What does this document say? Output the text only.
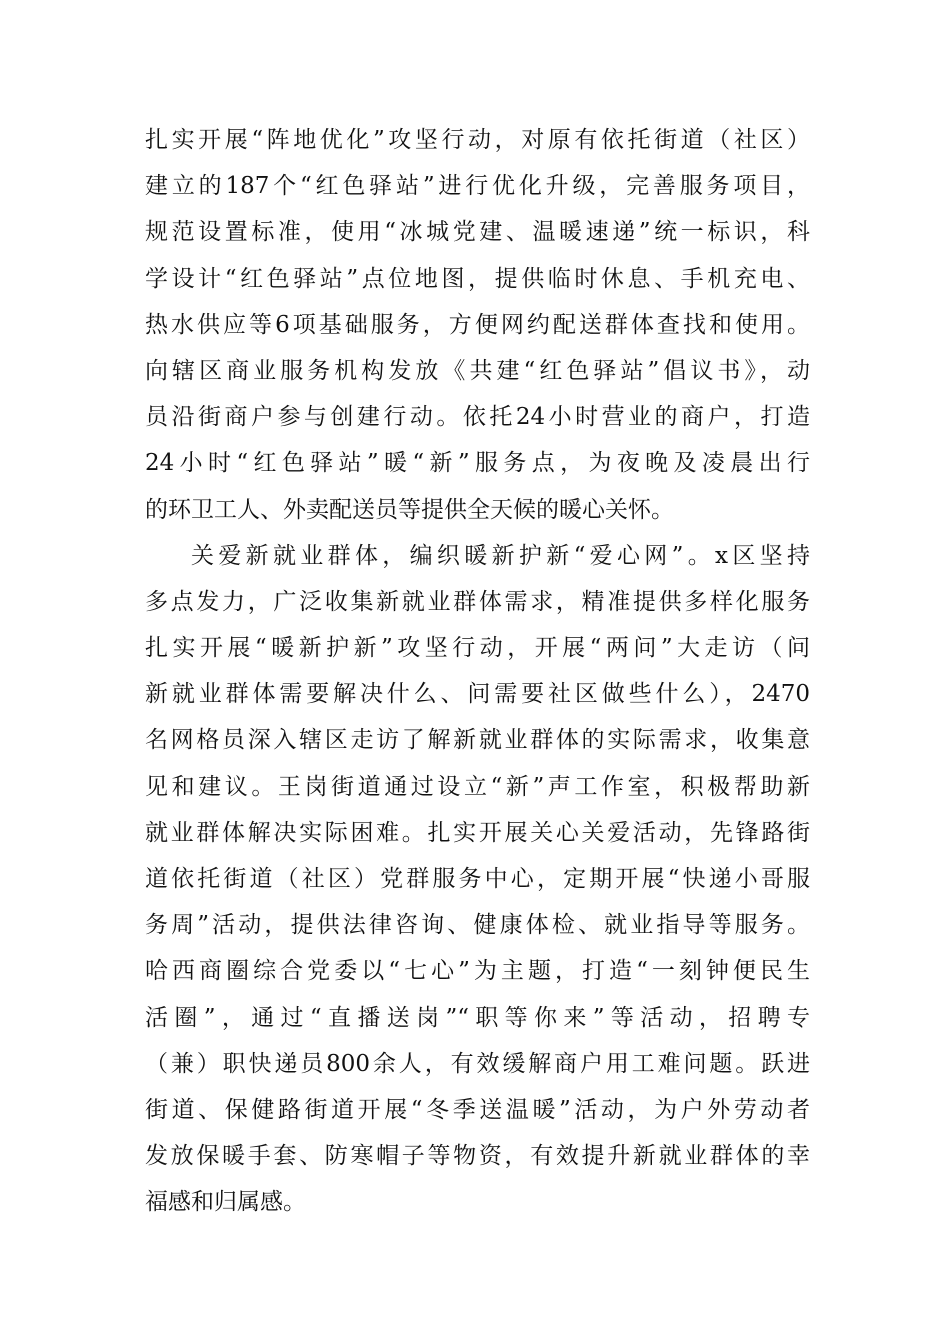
扎实开展“阵地优化”攻坚行动，对原有依托街道（社区）
建立的187个“红色驿站”进行优化升级，完善服务项目，
规范设置标准，使用“冰城党建、温暖速递”统一标识，科
学设计“红色驿站”点位地图，提供临时休息、手机充电、
热水供应等6项基础服务，方便网约配送群体查找和使用。
向辖区商业服务机构发放《共建“红色驿站”倡议书》，动
员沿街商户参与创建行动。依托24小时营业的商户，打造
24小时“红色驿站”暖“新”服务点，为夜晚及凌晨出行
的环卫工人、外卖配送员等提供全天候的暖心关怀。
关爱新就业群体，编织暖新护新“爱心网”。x区坚持
多点发力，广泛收集新就业群体需求，精准提供多样化服务
扎实开展“暖新护新”攻坚行动，开展“两问”大走访（问
新就业群体需要解决什么、问需要社区做些什么），2470
名网格员深入辖区走访了解新就业群体的实际需求，收集意
见和建议。王岗街道通过设立“新”声工作室，积极帮助新
就业群体解决实际困难。扎实开展关心关爱活动，先锋路街
道依托街道（社区）党群服务中心，定期开展“快递小哥服
务周”活动，提供法律咨询、健康体检、就业指导等服务。
哈西商圈综合党委以“七心”为主题，打造“一刻钟便民生
活圈”，通过“直播送岗”“职等你来”等活动，招聘专
（兼）职快递员800余人，有效缓解商户用工难问题。跃进
街道、保健路街道开展“冬季送温暖”活动，为户外劳动者
发放保暖手套、防寒帽子等物资，有效提升新就业群体的幸
福感和归属感。
